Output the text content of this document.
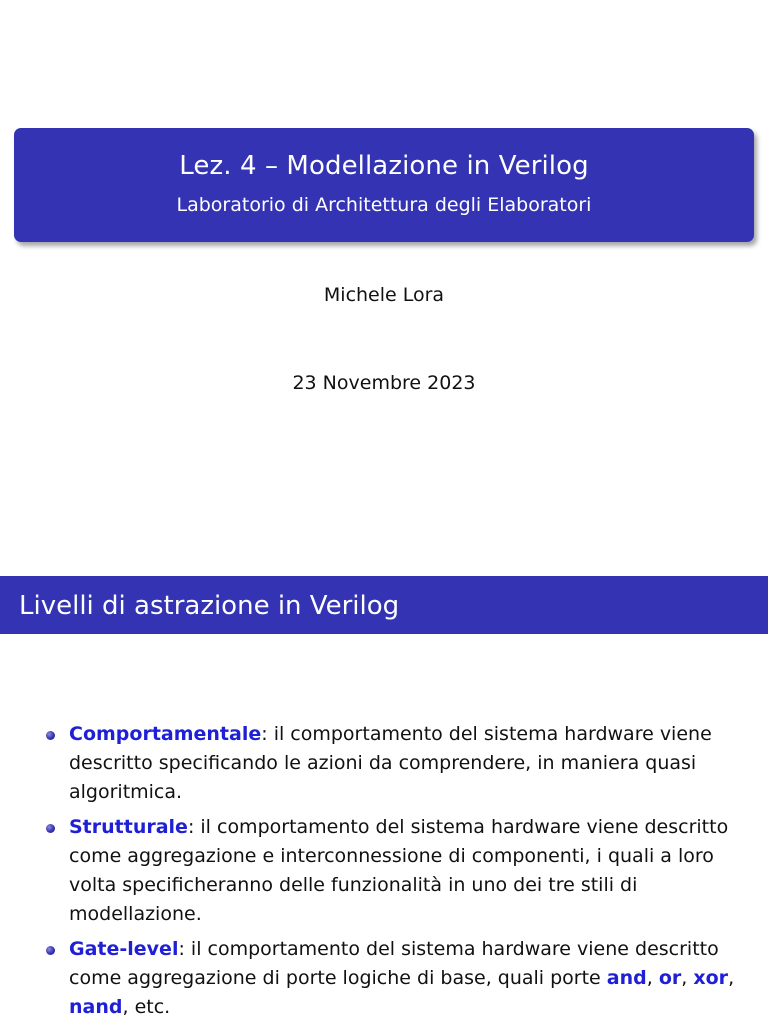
Lez. 4 – Modellazione in Verilog
Laboratorio di Architettura degli Elaboratori
Michele Lora
23 Novembre 2023
Livelli di astrazione in Verilog
Comportamentale: il comportamento del sistema hardware viene descritto specificando le azioni da comprendere, in maniera quasi algoritmica.
Strutturale: il comportamento del sistema hardware viene descritto come aggregazione e interconnessione di componenti, i quali a loro volta specificheranno delle funzionalità in uno dei tre stili di modellazione.
Gate-level: il comportamento del sistema hardware viene descritto come aggregazione di porte logiche di base, quali porte and, or, xor, nand, etc.
